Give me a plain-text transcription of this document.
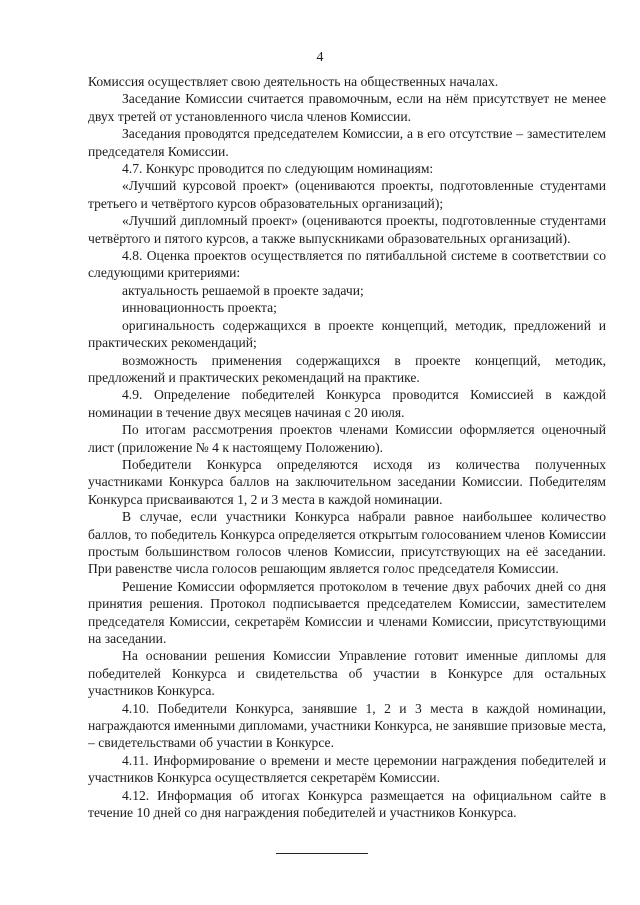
4

Комиссия осуществляет свою деятельность на общественных началах.

Заседание Комиссии считается правомочным, если на нём присутствует не менее двух третей от установленного числа членов Комиссии.

Заседания проводятся председателем Комиссии, а в его отсутствие – заместителем председателя Комиссии.

4.7. Конкурс проводится по следующим номинациям:

«Лучший курсовой проект» (оцениваются проекты, подготовленные студентами третьего и четвёртого курсов образовательных организаций);

«Лучший дипломный проект» (оцениваются проекты, подготовленные студентами четвёртого и пятого курсов, а также выпускниками образовательных организаций).

4.8. Оценка проектов осуществляется по пятибалльной системе в соответствии со следующими критериями:

актуальность решаемой в проекте задачи;

инновационность проекта;

оригинальность содержащихся в проекте концепций, методик, предложений и практических рекомендаций;

возможность применения содержащихся в проекте концепций, методик, предложений и практических рекомендаций на практике.

4.9. Определение победителей Конкурса проводится Комиссией в каждой номинации в течение двух месяцев начиная с 20 июля.

По итогам рассмотрения проектов членами Комиссии оформляется оценочный лист (приложение № 4 к настоящему Положению).

Победители Конкурса определяются исходя из количества полученных участниками Конкурса баллов на заключительном заседании Комиссии. Победителям Конкурса присваиваются 1, 2 и 3 места в каждой номинации.

В случае, если участники Конкурса набрали равное наибольшее количество баллов, то победитель Конкурса определяется открытым голосованием членов Комиссии простым большинством голосов членов Комиссии, присутствующих на её заседании. При равенстве числа голосов решающим является голос председателя Комиссии.

Решение Комиссии оформляется протоколом в течение двух рабочих дней со дня принятия решения. Протокол подписывается председателем Комиссии, заместителем председателя Комиссии, секретарём Комиссии и членами Комиссии, присутствующими на заседании.

На основании решения Комиссии Управление готовит именные дипломы для победителей Конкурса и свидетельства об участии в Конкурсе для остальных участников Конкурса.

4.10. Победители Конкурса, занявшие 1, 2 и 3 места в каждой номинации, награждаются именными дипломами, участники Конкурса, не занявшие призовые места, – свидетельствами об участии в Конкурсе.

4.11. Информирование о времени и месте церемонии награждения победителей и участников Конкурса осуществляется секретарём Комиссии.

4.12. Информация об итогах Конкурса размещается на официальном сайте в течение 10 дней со дня награждения победителей и участников Конкурса.
